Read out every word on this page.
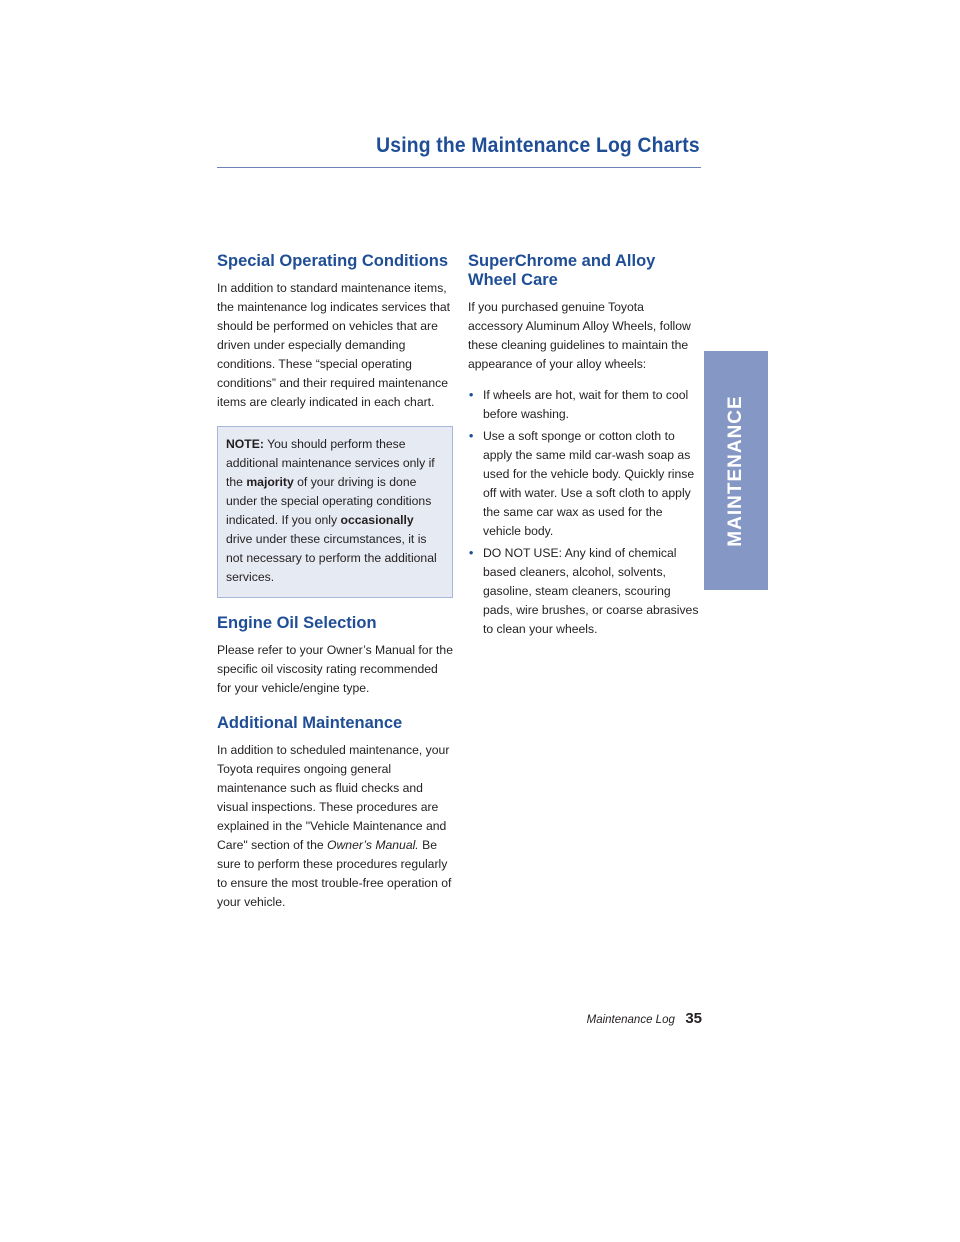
Using the Maintenance Log Charts
MAINTENANCE
Special Operating Conditions

In addition to standard maintenance items, the maintenance log indicates services that should be performed on vehicles that are driven under especially demanding conditions. These “special operating conditions” and their required maintenance items are clearly indicated in each chart.

NOTE: You should perform these additional maintenance services only if the majority of your driving is done under the special operating conditions indicated. If you only occasionally drive under these circumstances, it is not necessary to perform the additional services.
Engine Oil Selection

Please refer to your Owner’s Manual for the specific oil viscosity rating recommended for your vehicle/engine type.

Additional Maintenance

In addition to scheduled maintenance, your Toyota requires ongoing general maintenance such as fluid checks and visual inspections. These procedures are explained in the "Vehicle Maintenance and Care" section of the Owner’s Manual. Be sure to perform these procedures regularly to ensure the most trouble-free operation of your vehicle.

SuperChrome and Alloy Wheel Care

If you purchased genuine Toyota accessory Aluminum Alloy Wheels, follow these cleaning guidelines to maintain the appearance of your alloy wheels:

• If wheels are hot, wait for them to cool before washing.
• Use a soft sponge or cotton cloth to apply the same mild car-wash soap as used for the vehicle body. Quickly rinse off with water. Use a soft cloth to apply the same car wax as used for the vehicle body.
• DO NOT USE: Any kind of chemical based cleaners, alcohol, solvents, gasoline, steam cleaners, scouring pads, wire brushes, or coarse abrasives to clean your wheels.
Maintenance Log 35
